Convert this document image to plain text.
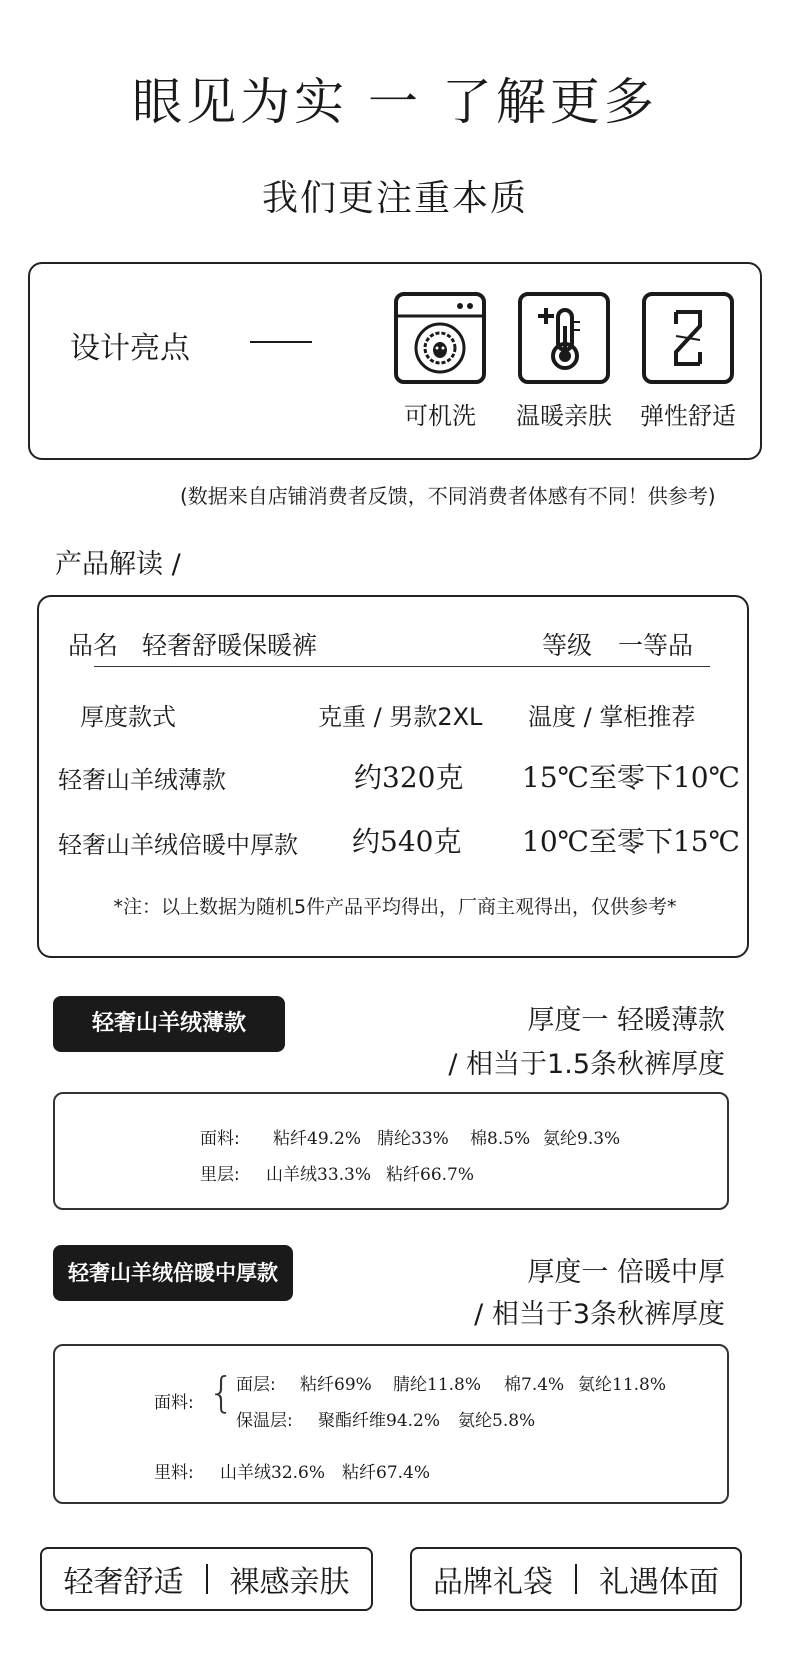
眼见为实 一 了解更多
我们更注重本质
设计亮点
可机洗	温暖亲肤	弹性舒适
(数据来自店铺消费者反馈，不同消费者体感有不同！供参考)
产品解读 /
品名 轻奢舒暖保暖裤	等级 一等品
厚度款式	克重 / 男款2XL 温度 / 掌柜推荐
轻奢山羊绒薄款	约320克 15℃至零下10℃
轻奢山羊绒倍暖中厚款 约540克 10℃至零下15℃
*注：以上数据为随机5件产品平均得出，厂商主观得出，仅供参考*
轻奢山羊绒薄款	厚度一 轻暖薄款
/ 相当于1.5条秋裤厚度
面料: 粘纤49.2% 腈纶33% 棉8.5% 氨纶9.3%
里层: 山羊绒33.3% 粘纤66.7%
轻奢山羊绒倍暖中厚款	厚度一 倍暖中厚
/ 相当于3条秋裤厚度
面料: { 面层: 粘纤69% 腈纶11.8% 棉7.4% 氨纶11.8%
保温层: 聚酯纤维94.2% 氨纶5.8%
里料: 山羊绒32.6% 粘纤67.4%
轻奢舒适 裸感亲肤	品牌礼袋 礼遇体面
